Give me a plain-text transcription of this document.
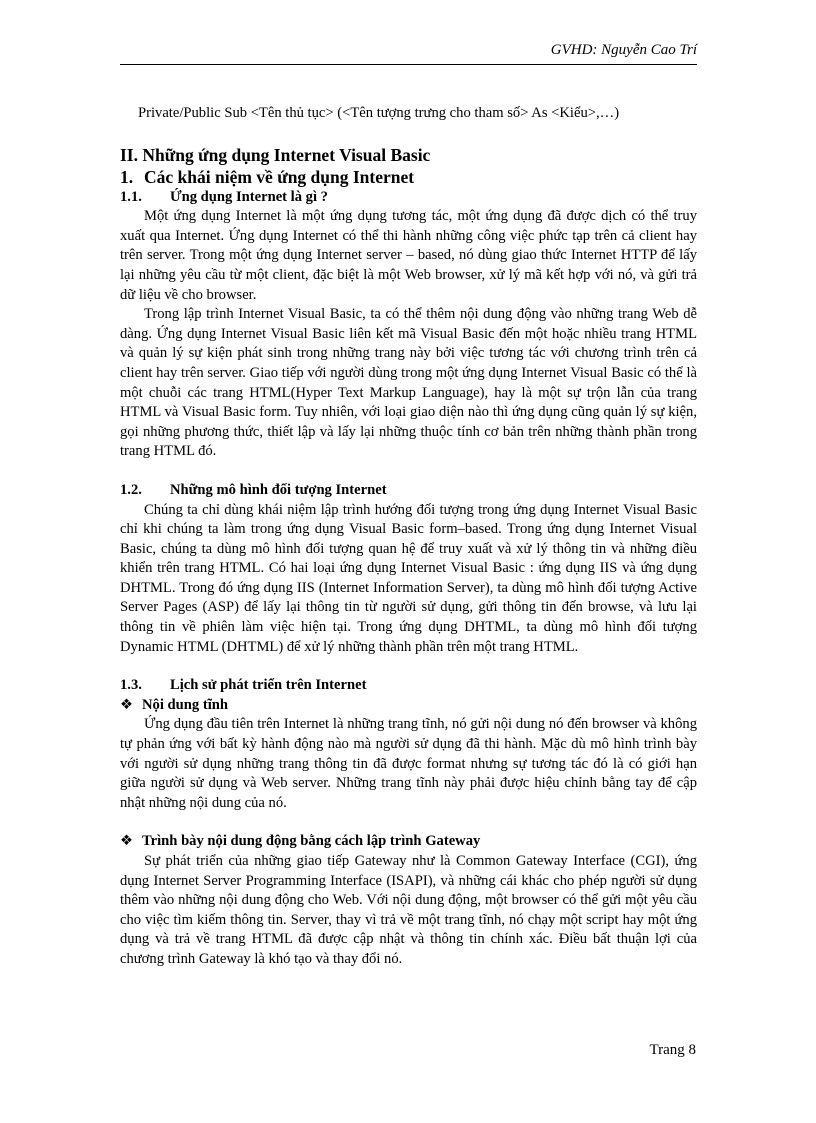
GVHD: Nguyễn Cao Trí
Private/Public Sub <Tên thủ tục> (<Tên tượng trưng cho tham số> As <Kiểu>,…)
II. Những ứng dụng Internet Visual Basic
1. Các khái niệm về ứng dụng Internet
1.1. Ứng dụng Internet là gì ?

Một ứng dụng Internet là một ứng dụng tương tác, một ứng dụng đã được dịch có thể truy xuất qua Internet. Ứng dụng Internet có thể thi hành những công việc phức tạp trên cả client hay trên server. Trong một ứng dụng Internet server – based, nó dùng giao thức Internet HTTP để lấy lại những yêu cầu từ một client, đặc biệt là một Web browser, xử lý mã kết hợp với nó, và gửi trả dữ liệu về cho browser.

Trong lập trình Internet Visual Basic, ta có thể thêm nội dung động vào những trang Web dễ dàng. Ứng dụng Internet Visual Basic liên kết mã Visual Basic đến một hoặc nhiều trang HTML và quản lý sự kiện phát sinh trong những trang này bởi việc tương tác với chương trình trên cả client hay trên server. Giao tiếp với người dùng trong một ứng dụng Internet Visual Basic có thể là một chuỗi các trang HTML(Hyper Text Markup Language), hay là một sự trộn lẫn của trang HTML và Visual Basic form. Tuy nhiên, với loại giao diện nào thì ứng dụng cũng quản lý sự kiện, gọi những phương thức, thiết lập và lấy lại những thuộc tính cơ bản trên những thành phần trong trang HTML đó.

1.2. Những mô hình đối tượng Internet

Chúng ta chỉ dùng khái niệm lập trình hướng đối tượng trong ứng dụng Internet Visual Basic chỉ khi chúng ta làm trong ứng dụng Visual Basic form–based. Trong ứng dụng Internet Visual Basic, chúng ta dùng mô hình đối tượng quan hệ để truy xuất và xử lý thông tin và những điều khiển trên trang HTML. Có hai loại ứng dụng Internet Visual Basic : ứng dụng IIS và ứng dụng DHTML. Trong đó ứng dụng IIS (Internet Information Server), ta dùng mô hình đối tượng Active Server Pages (ASP) để lấy lại thông tin từ người sử dụng, gửi thông tin đến browse, và lưu lại thông tin về phiên làm việc hiện tại. Trong ứng dụng DHTML, ta dùng mô hình đối tượng Dynamic HTML (DHTML) để xử lý những thành phần trên một trang HTML.

1.3. Lịch sử phát triển trên Internet
❖ Nội dung tĩnh

Ứng dụng đầu tiên trên Internet là những trang tĩnh, nó gửi nội dung nó đến browser và không tự phản ứng với bất kỳ hành động nào mà người sử dụng đã thi hành. Mặc dù mô hình trình bày với người sử dụng những trang thông tin đã được format nhưng sự tương tác đó là có giới hạn giữa người sử dụng và Web server. Những trang tĩnh này phải được hiệu chỉnh bằng tay để cập nhật những nội dung của nó.

❖ Trình bày nội dung động bằng cách lập trình Gateway

Sự phát triển của những giao tiếp Gateway như là Common Gateway Interface (CGI), ứng dụng Internet Server Programming Interface (ISAPI), và những cái khác cho phép người sử dụng thêm vào những nội dung động cho Web. Với nội dung động, một browser có thể gửi một yêu cầu cho việc tìm kiếm thông tin. Server, thay vì trả về một trang tĩnh, nó chạy một script hay một ứng dụng và trả về trang HTML đã được cập nhật và thông tin chính xác. Điều bất thuận lợi của chương trình Gateway là khó tạo và thay đổi nó.

Trang 8
